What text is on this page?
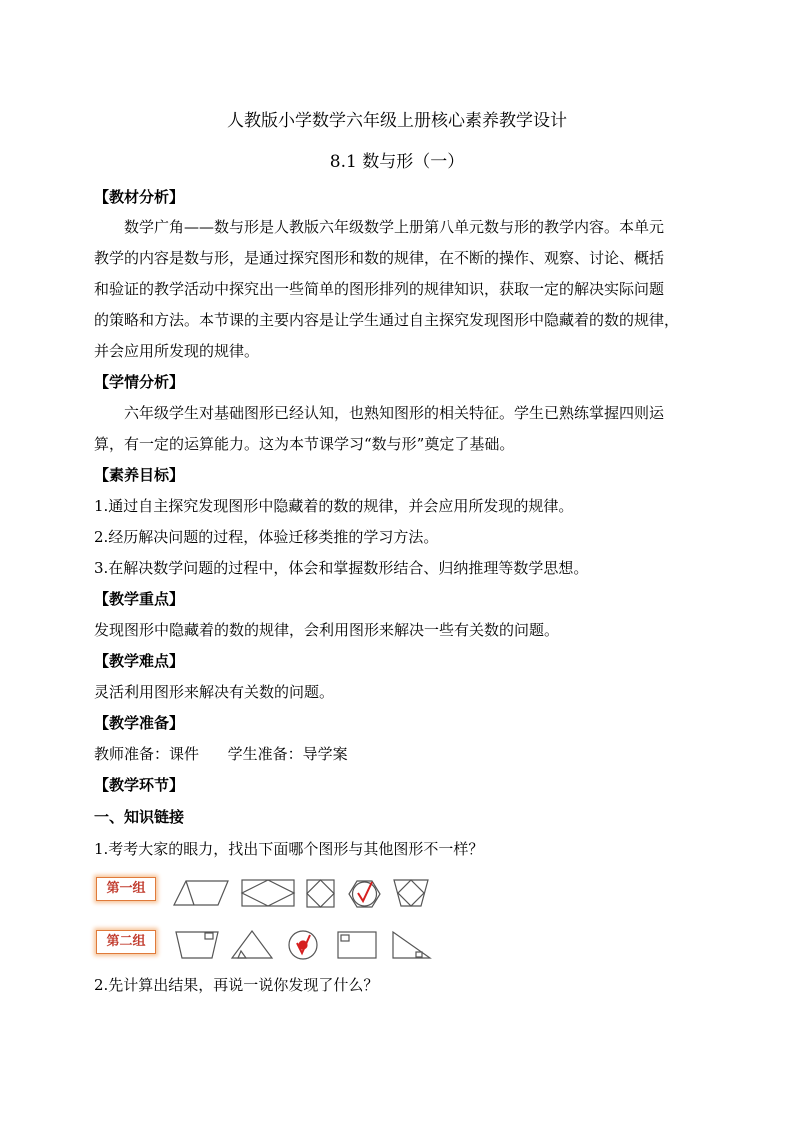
人教版小学数学六年级上册核心素养教学设计
8.1 数与形（一）
【教材分析】
数学广角——数与形是人教版六年级数学上册第八单元数与形的教学内容。本单元
教学的内容是数与形，是通过探究图形和数的规律，在不断的操作、观察、讨论、概括
和验证的教学活动中探究出一些简单的图形排列的规律知识，获取一定的解决实际问题
的策略和方法。本节课的主要内容是让学生通过自主探究发现图形中隐藏着的数的规律，
并会应用所发现的规律。
【学情分析】
六年级学生对基础图形已经认知，也熟知图形的相关特征。学生已熟练掌握四则运
算，有一定的运算能力。这为本节课学习“数与形”奠定了基础。
【素养目标】
1.通过自主探究发现图形中隐藏着的数的规律，并会应用所发现的规律。
2.经历解决问题的过程，体验迁移类推的学习方法。
3.在解决数学问题的过程中，体会和掌握数形结合、归纳推理等数学思想。
【教学重点】
发现图形中隐藏着的数的规律，会利用图形来解决一些有关数的问题。
【教学难点】
灵活利用图形来解决有关数的问题。
【教学准备】
教师准备：课件      学生准备：导学案
【教学环节】
一、知识链接
1.考考大家的眼力，找出下面哪个图形与其他图形不一样？
第一组
第二组
2.先计算出结果，再说一说你发现了什么？
